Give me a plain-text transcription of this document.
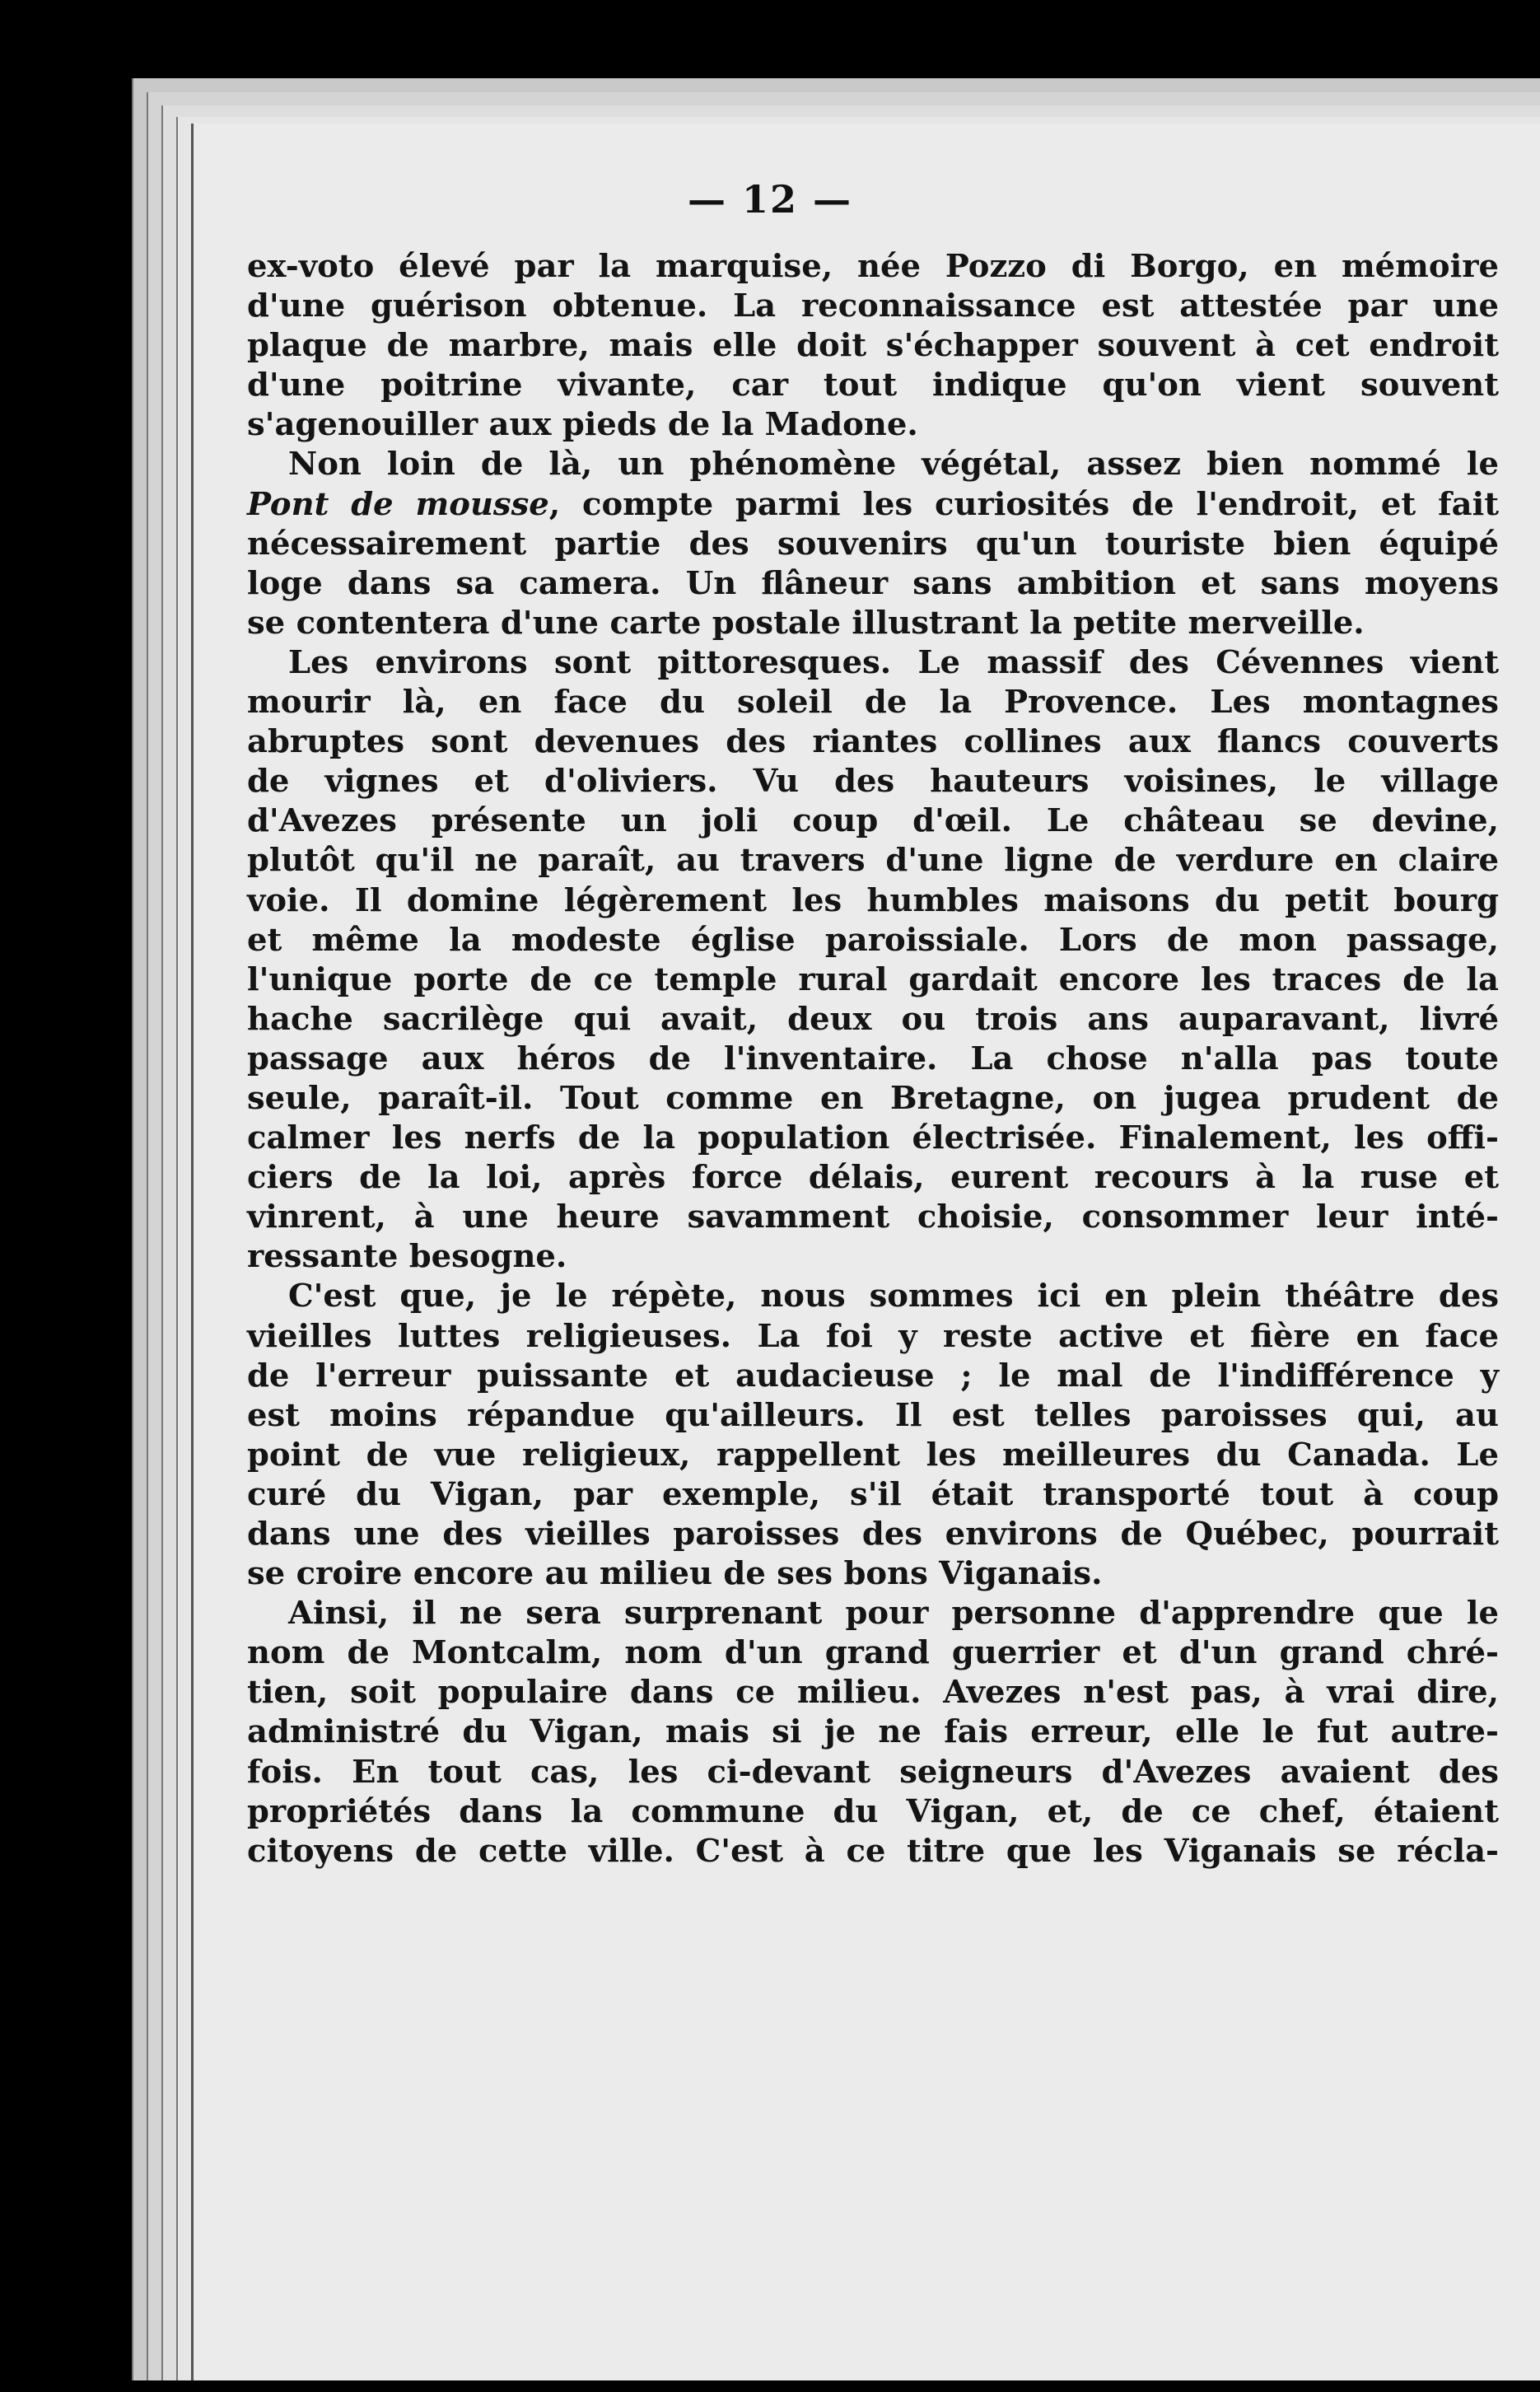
— 12 —
ex-voto élevé par la marquise, née Pozzo di Borgo, en mémoire
d'une guérison obtenue. La reconnaissance est attestée par une
plaque de marbre, mais elle doit s'échapper souvent à cet endroit
d'une poitrine vivante, car tout indique qu'on vient souvent
s'agenouiller aux pieds de la Madone.
Non loin de là, un phénomène végétal, assez bien nommé le
Pont de mousse, compte parmi les curiosités de l'endroit, et fait
nécessairement partie des souvenirs qu'un touriste bien équipé
loge dans sa camera. Un flâneur sans ambition et sans moyens
se contentera d'une carte postale illustrant la petite merveille.
Les environs sont pittoresques. Le massif des Cévennes vient
mourir là, en face du soleil de la Provence. Les montagnes
abruptes sont devenues des riantes collines aux flancs couverts
de vignes et d'oliviers. Vu des hauteurs voisines, le village
d'Avezes présente un joli coup d'œil. Le château se devine,
plutôt qu'il ne paraît, au travers d'une ligne de verdure en claire
voie. Il domine légèrement les humbles maisons du petit bourg
et même la modeste église paroissiale. Lors de mon passage,
l'unique porte de ce temple rural gardait encore les traces de la
hache sacrilège qui avait, deux ou trois ans auparavant, livré
passage aux héros de l'inventaire. La chose n'alla pas toute
seule, paraît-il. Tout comme en Bretagne, on jugea prudent de
calmer les nerfs de la population électrisée. Finalement, les offi-
ciers de la loi, après force délais, eurent recours à la ruse et
vinrent, à une heure savamment choisie, consommer leur inté-
ressante besogne.
C'est que, je le répète, nous sommes ici en plein théâtre des
vieilles luttes religieuses. La foi y reste active et fière en face
de l'erreur puissante et audacieuse ; le mal de l'indifférence y
est moins répandue qu'ailleurs. Il est telles paroisses qui, au
point de vue religieux, rappellent les meilleures du Canada. Le
curé du Vigan, par exemple, s'il était transporté tout à coup
dans une des vieilles paroisses des environs de Québec, pourrait
se croire encore au milieu de ses bons Viganais.
Ainsi, il ne sera surprenant pour personne d'apprendre que le
nom de Montcalm, nom d'un grand guerrier et d'un grand chré-
tien, soit populaire dans ce milieu. Avezes n'est pas, à vrai dire,
administré du Vigan, mais si je ne fais erreur, elle le fut autre-
fois. En tout cas, les ci-devant seigneurs d'Avezes avaient des
propriétés dans la commune du Vigan, et, de ce chef, étaient
citoyens de cette ville. C'est à ce titre que les Viganais se récla-
